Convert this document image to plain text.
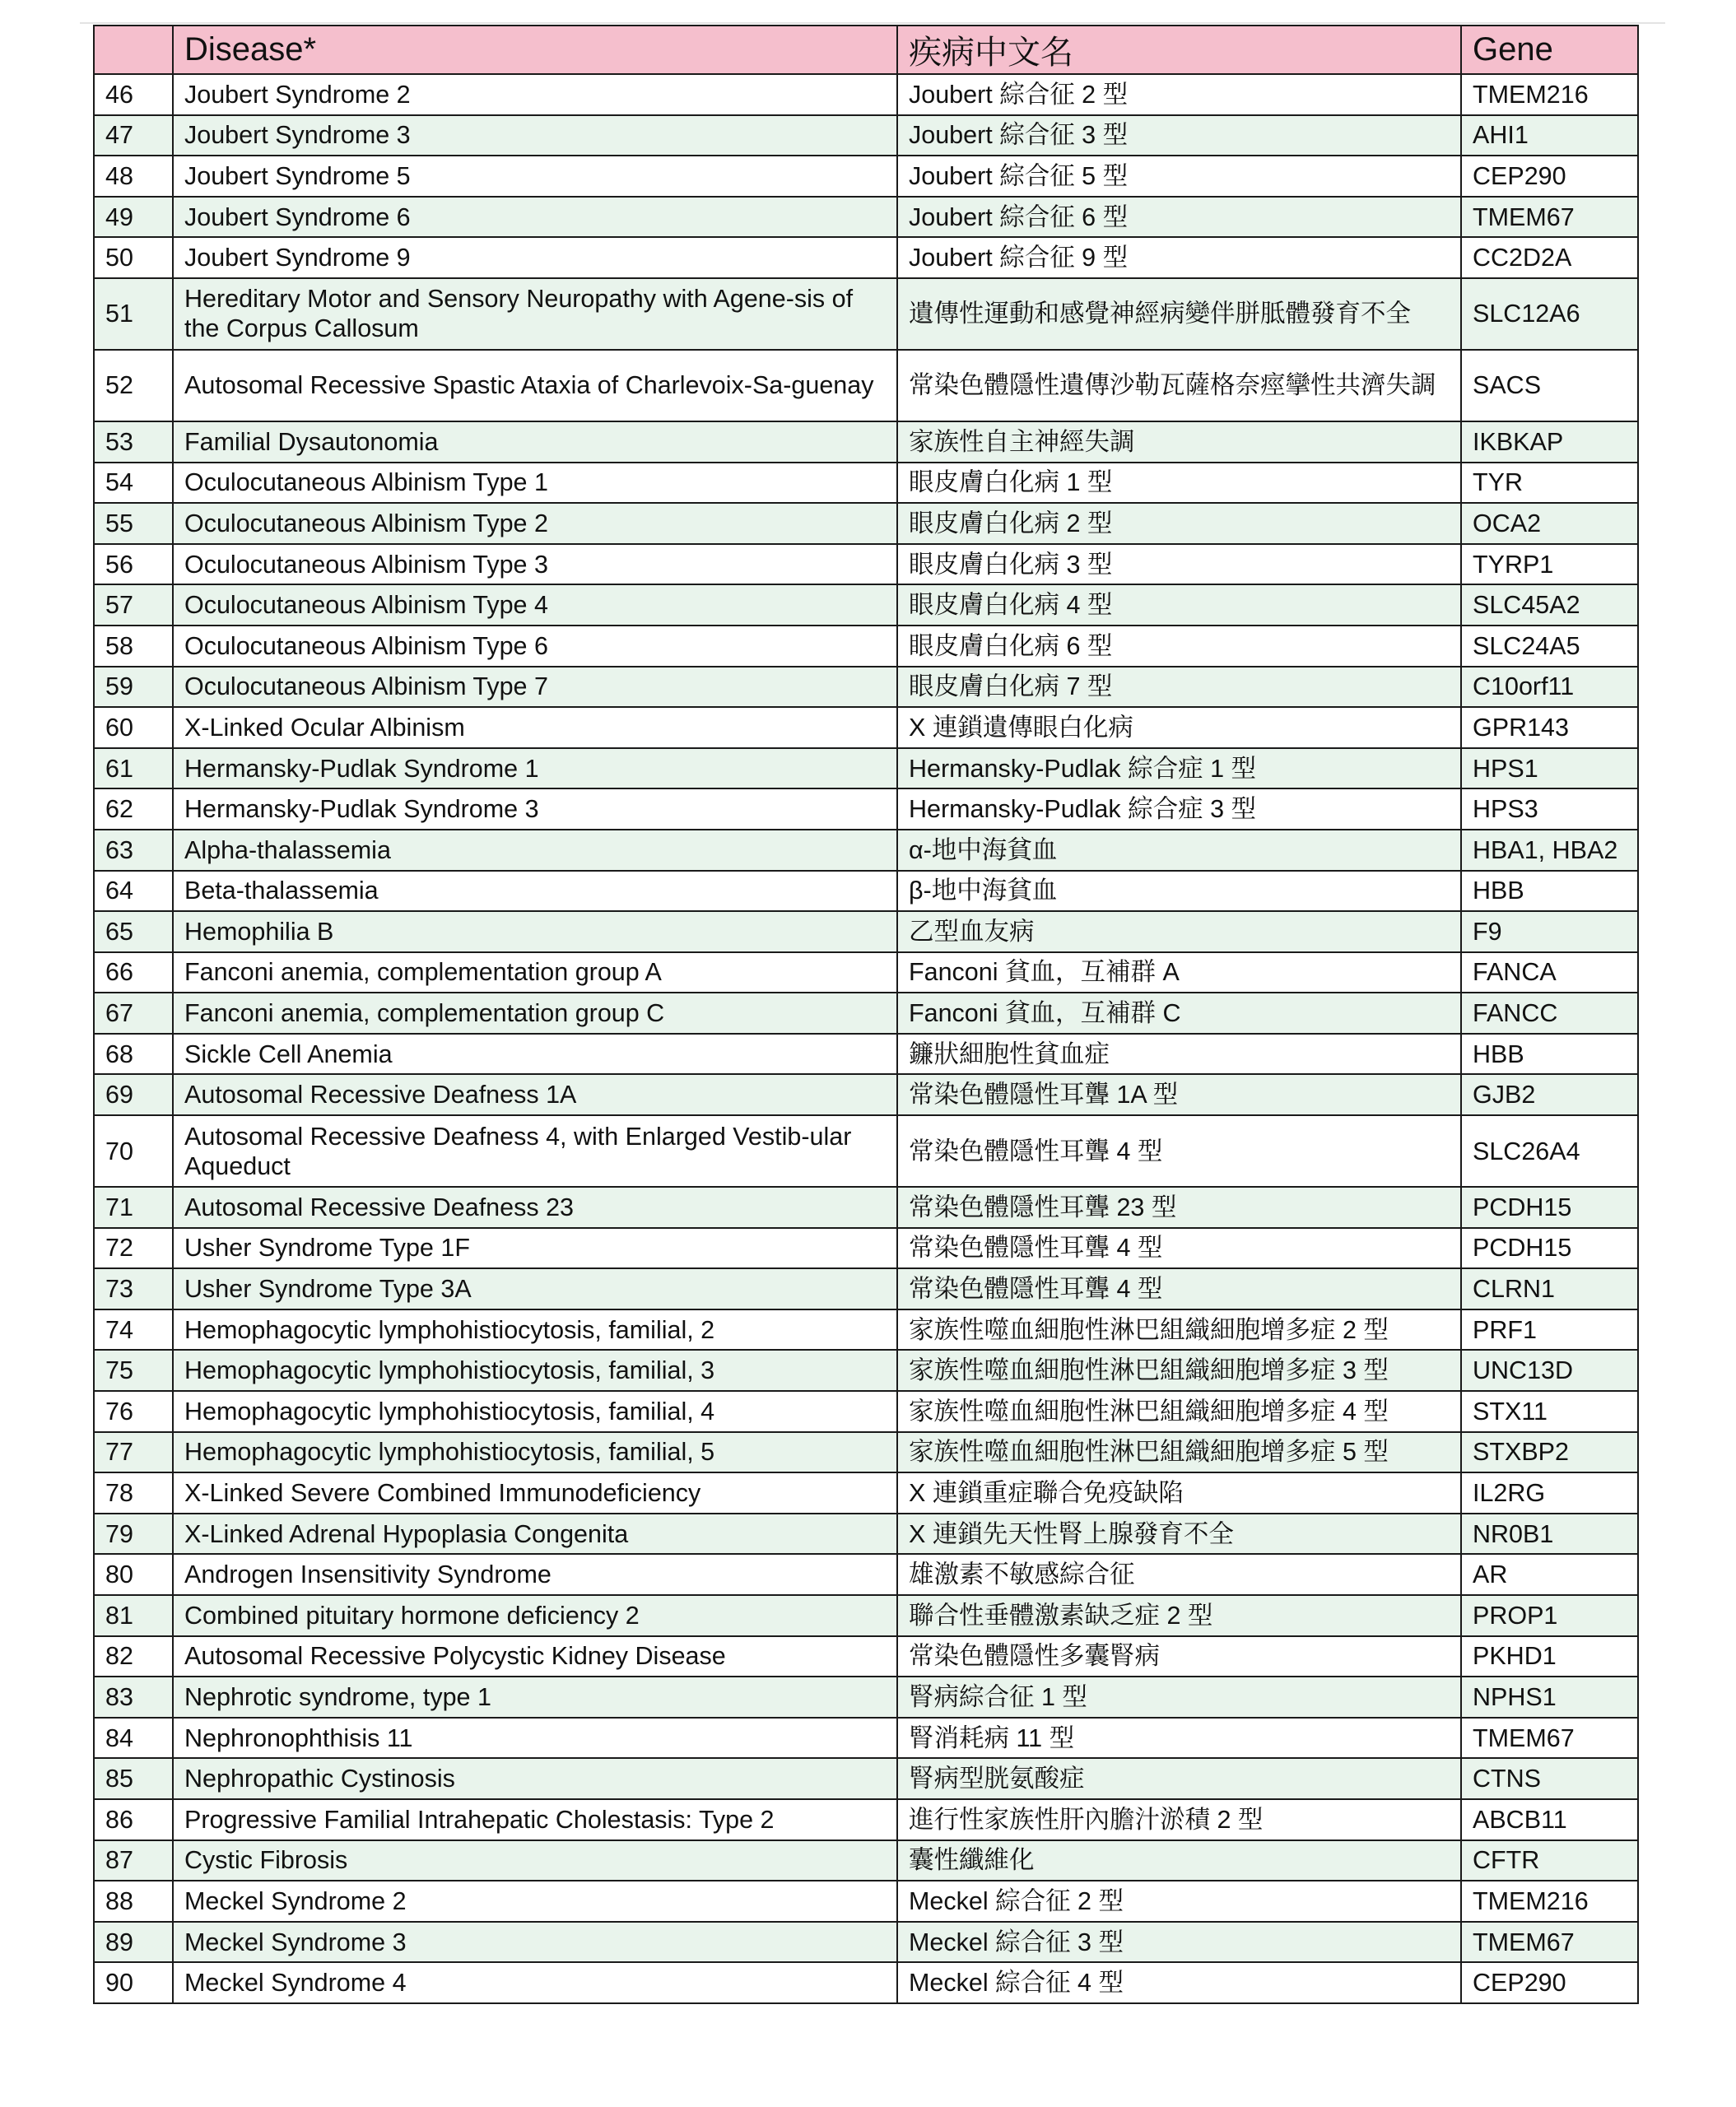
	Disease*	疾病中文名	Gene
46	Joubert Syndrome 2	Joubert 綜合征 2 型	TMEM216
47	Joubert Syndrome 3	Joubert 綜合征 3 型	AHI1
48	Joubert Syndrome 5	Joubert 綜合征 5 型	CEP290
49	Joubert Syndrome 6	Joubert 綜合征 6 型	TMEM67
50	Joubert Syndrome 9	Joubert 綜合征 9 型	CC2D2A
51	Hereditary Motor and Sensory Neuropathy with Agene-sis of the Corpus Callosum	遺傳性運動和感覺神經病變伴胼胝體發育不全	SLC12A6
52	Autosomal Recessive Spastic Ataxia of Charlevoix-Sa-guenay	常染色體隱性遺傳沙勒瓦薩格奈痙攣性共濟失調	SACS
53	Familial Dysautonomia	家族性自主神經失調	IKBKAP
54	Oculocutaneous Albinism Type 1	眼皮膚白化病 1 型	TYR
55	Oculocutaneous Albinism Type 2	眼皮膚白化病 2 型	OCA2
56	Oculocutaneous Albinism Type 3	眼皮膚白化病 3 型	TYRP1
57	Oculocutaneous Albinism Type 4	眼皮膚白化病 4 型	SLC45A2
58	Oculocutaneous Albinism Type 6	眼皮膚白化病 6 型	SLC24A5
59	Oculocutaneous Albinism Type 7	眼皮膚白化病 7 型	C10orf11
60	X-Linked Ocular Albinism	X 連鎖遺傳眼白化病	GPR143
61	Hermansky-Pudlak Syndrome 1	Hermansky-Pudlak 綜合症 1 型	HPS1
62	Hermansky-Pudlak Syndrome 3	Hermansky-Pudlak 綜合症 3 型	HPS3
63	Alpha-thalassemia	α-地中海貧血	HBA1, HBA2
64	Beta-thalassemia	β-地中海貧血	HBB
65	Hemophilia B	乙型血友病	F9
66	Fanconi anemia, complementation group A	Fanconi 貧血，互補群 A	FANCA
67	Fanconi anemia, complementation group C	Fanconi 貧血，互補群 C	FANCC
68	Sickle Cell Anemia	鐮狀細胞性貧血症	HBB
69	Autosomal Recessive Deafness 1A	常染色體隱性耳聾 1A 型	GJB2
70	Autosomal Recessive Deafness 4, with Enlarged Vestib-ular Aqueduct	常染色體隱性耳聾 4 型	SLC26A4
71	Autosomal Recessive Deafness 23	常染色體隱性耳聾 23 型	PCDH15
72	Usher Syndrome Type 1F	常染色體隱性耳聾 4 型	PCDH15
73	Usher Syndrome Type 3A	常染色體隱性耳聾 4 型	CLRN1
74	Hemophagocytic lymphohistiocytosis, familial, 2	家族性噬血細胞性淋巴組織細胞增多症 2 型	PRF1
75	Hemophagocytic lymphohistiocytosis, familial, 3	家族性噬血細胞性淋巴組織細胞增多症 3 型	UNC13D
76	Hemophagocytic lymphohistiocytosis, familial, 4	家族性噬血細胞性淋巴組織細胞增多症 4 型	STX11
77	Hemophagocytic lymphohistiocytosis, familial, 5	家族性噬血細胞性淋巴組織細胞增多症 5 型	STXBP2
78	X-Linked Severe Combined Immunodeficiency	X 連鎖重症聯合免疫缺陷	IL2RG
79	X-Linked Adrenal Hypoplasia Congenita	X 連鎖先天性腎上腺發育不全	NR0B1
80	Androgen Insensitivity Syndrome	雄激素不敏感綜合征	AR
81	Combined pituitary hormone deficiency 2	聯合性垂體激素缺乏症 2 型	PROP1
82	Autosomal Recessive Polycystic Kidney Disease	常染色體隱性多囊腎病	PKHD1
83	Nephrotic syndrome, type 1	腎病綜合征 1 型	NPHS1
84	Nephronophthisis 11	腎消耗病 11 型	TMEM67
85	Nephropathic Cystinosis	腎病型胱氨酸症	CTNS
86	Progressive Familial Intrahepatic Cholestasis: Type 2	進行性家族性肝內膽汁淤積 2 型	ABCB11
87	Cystic Fibrosis	囊性纖維化	CFTR
88	Meckel Syndrome 2	Meckel 綜合征 2 型	TMEM216
89	Meckel Syndrome 3	Meckel 綜合征 3 型	TMEM67
90	Meckel Syndrome 4	Meckel 綜合征 4 型	CEP290
